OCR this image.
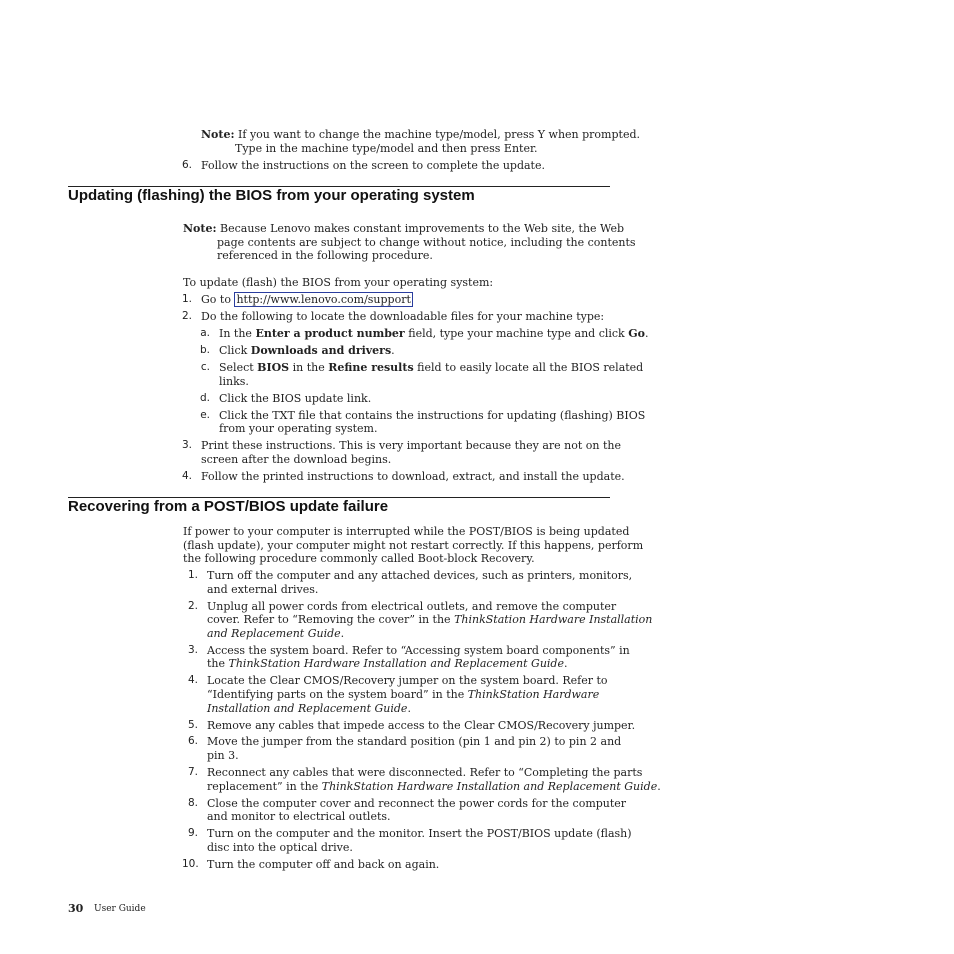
Note: If you want to change the machine type/model, press Y when prompted.
Type in the machine type/model and then press Enter.
6. Follow the instructions on the screen to complete the update.
Updating (flashing) the BIOS from your operating system
Note: Because Lenovo makes constant improvements to the Web site, the Web
page contents are subject to change without notice, including the contents
referenced in the following procedure.
To update (flash) the BIOS from your operating system:
1. Go to http://www.lenovo.com/support
2. Do the following to locate the downloadable files for your machine type:
a. In the Enter a product number field, type your machine type and click Go.
b. Click Downloads and drivers.
c. Select BIOS in the Refine results field to easily locate all the BIOS related
links.
d. Click the BIOS update link.
e. Click the TXT file that contains the instructions for updating (flashing) BIOS
from your operating system.
3. Print these instructions. This is very important because they are not on the
screen after the download begins.
4. Follow the printed instructions to download, extract, and install the update.
Recovering from a POST/BIOS update failure
If power to your computer is interrupted while the POST/BIOS is being updated
(flash update), your computer might not restart correctly. If this happens, perform
the following procedure commonly called Boot-block Recovery.
1. Turn off the computer and any attached devices, such as printers, monitors,
and external drives.
2. Unplug all power cords from electrical outlets, and remove the computer
cover. Refer to “Removing the cover” in the ThinkStation Hardware Installation
and Replacement Guide.
3. Access the system board. Refer to “Accessing system board components” in
the ThinkStation Hardware Installation and Replacement Guide.
4. Locate the Clear CMOS/Recovery jumper on the system board. Refer to
“Identifying parts on the system board” in the ThinkStation Hardware
Installation and Replacement Guide.
5. Remove any cables that impede access to the Clear CMOS/Recovery jumper.
6. Move the jumper from the standard position (pin 1 and pin 2) to pin 2 and
pin 3.
7. Reconnect any cables that were disconnected. Refer to “Completing the parts
replacement” in the ThinkStation Hardware Installation and Replacement Guide.
8. Close the computer cover and reconnect the power cords for the computer
and monitor to electrical outlets.
9. Turn on the computer and the monitor. Insert the POST/BIOS update (flash)
disc into the optical drive.
10. Turn the computer off and back on again.
30 User Guide
